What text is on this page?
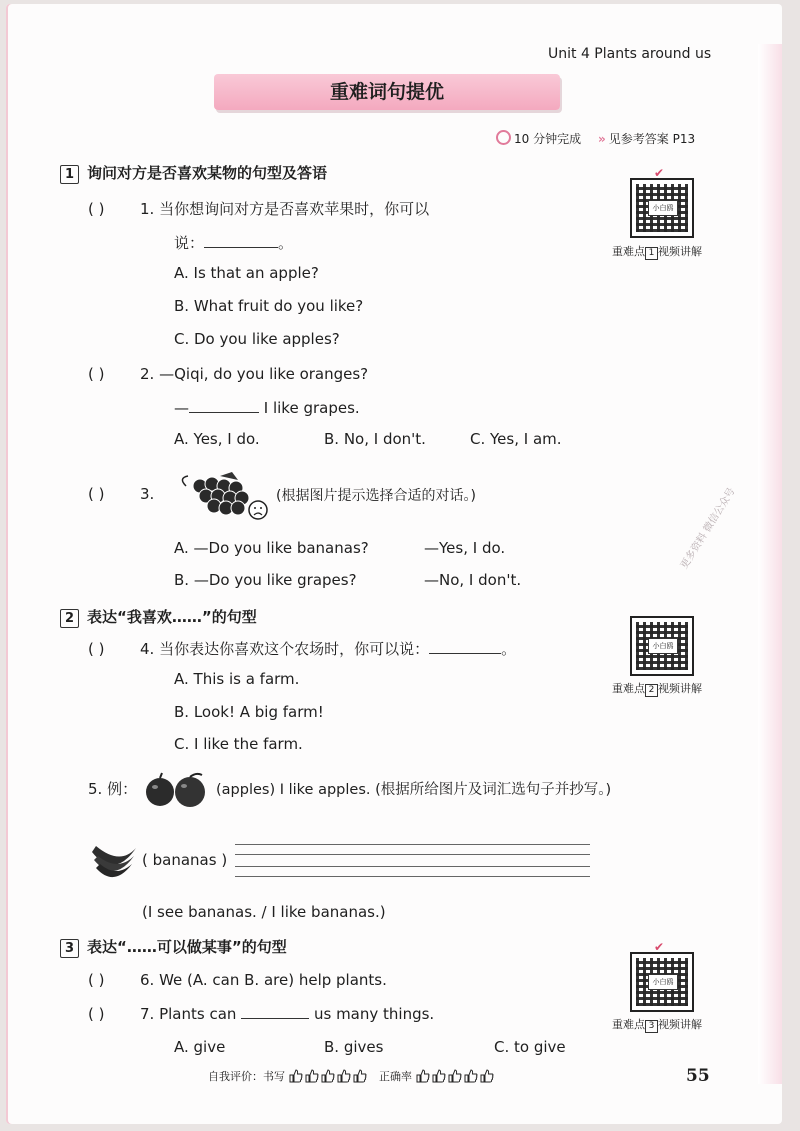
Unit 4 Plants around us
重难词句提优
10 分钟完成 » 见参考答案 P13
1 询问对方是否喜欢某物的句型及答语
小白鸥
✔
重难点 1 视频讲解
( ) 1. 当你想询问对方是否喜欢苹果时，你可以
说：	。
A. Is that an apple?
B. What fruit do you like?
C. Do you like apples?
( ) 2. —Qiqi, do you like oranges?
—	I like grapes.
A. Yes, I do.	B. No, I don't.	C. Yes, I am.
( ) 3.	(根据图片提示选择合适的对话。)
A. —Do you like bananas?	—Yes, I do.
B. —Do you like grapes?	—No, I don't.
2 表达“我喜欢……”的句型
小白鸥
重难点 2 视频讲解
( ) 4. 当你表达你喜欢这个农场时，你可以说：	。
A. This is a farm.
B. Look! A big farm!
C. I like the farm.
5. 例：	(apples) I like apples. (根据所给图片及词汇选句子并抄写。)
( bananas )
(I see bananas. / I like bananas.)
3 表达“……可以做某事”的句型
小白鸥
✔
重难点 3 视频讲解
( ) 6. We (A. can B. are) help plants.
( ) 7. Plants can	us many things.
A. give	B. gives	C. to give
自我评价：书写	正确率	55
更多资料 微信公众号
